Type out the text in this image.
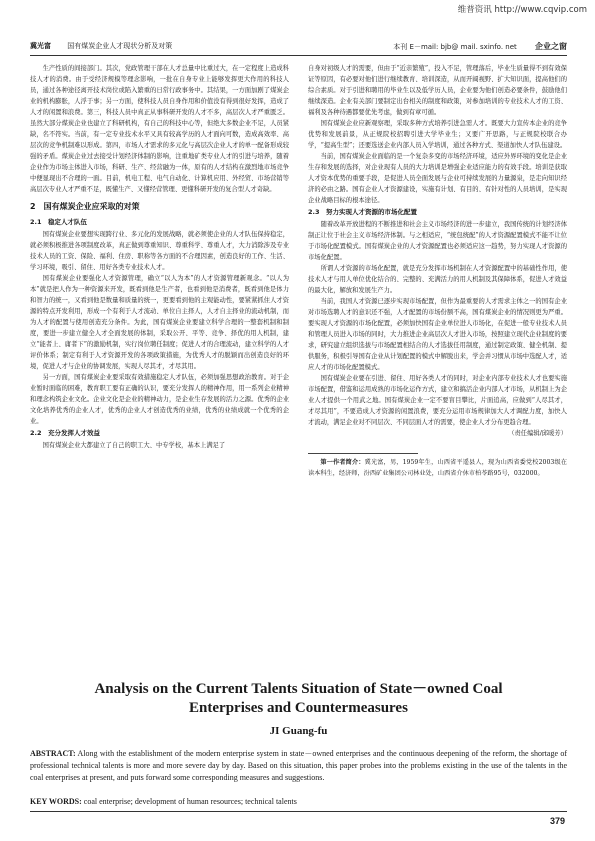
维普资讯 http://www.cqvip.com
冀光富 国有煤炭企业人才现状分析及对策	本刊 E－mail: bjb@ mail. sxinfo. net 企业之窗

生产性质的间接部门。其次，党政管理干部在人才总量中比重过大，在一定程度上造成科技人才的消费。由于受经济规模等理念影响，一批在自身专业上能够发挥更大作用的科技人员，通过各种途径离开技术岗位或陷入繁重的日常行政事务中。其结果，一方面加剧了煤炭企业的机构膨胀，人浮于事；另一方面，使科技人员自身作用和价值没有得到很好发挥，造成了人才的闲置和浪费。第三，科技人员中真正从事科研开发的人才不多，高层次人才严重匮乏。虽然大部分煤炭企业也建立了科研机构，有自己的科技中心等，但绝大多数企业不足，人员紧缺，名不符实。当前，有一定专业技术水平又具有较高学历的人才面向可数，造成高效率、高层次的竞争机制难以形成。第四，市场人才需求的多元化与高层次企业人才的单一配备形成较强的矛盾。煤炭企业过去接受计划经济体制的影响，注重地矿类专业人才的引进与培养，随着企业作为市场主体进入市场，科研、生产、经营融为一体，原有的人才结构在激烈地市场竞争中便显现出不合理的一面。目前，机电工程、电气自动化、计算机应用、外经贸、市场营销等高层次专业人才严重不足，既懂生产、又懂经营管理、更懂科研开发的复合型人才奇缺。

2　国有煤炭企业应采取的对策
2.1　稳定人才队伍

国有煤炭企业要想实现跨行业、多元化的发展战略，就必须使企业的人才队伍保持稳定，就必须积极推进各项制度改革，真正做到尊重知识、尊重科学、尊重人才，大力消除涉及专业技术人员的工资、保险、福利、住房、职称等各方面的不合理因素，创造良好的工作、生活、学习环境，吸引、留住、用好各类专业技术人才。

国有煤炭企业要强化人才资源管理，确立“以人为本”的人才资源管理新观念。“以人为本”就是把人作为一种资源来开发，既看到他是生产者，也看到他是消费者，既看到他是体力和智力的统一，又看到他是数量和质量的统一，更要看到他的主观能动性，要紧紧抓住人才资源的特点开发利用，形成一个有利于人才流动、单位自主择人，人才自主择业的流动机制，而为人才的配置与使用创造充分条件。为此，国有煤炭企业要建立科学合理的一整套机制和制度，要进一步建立健全人才全面发展的体制，采取公开、平等、竞争、择优的用人机制，建立“能者上、庸者下”的激励机制，实行岗位聘任制度；促进人才的合理流动，建立科学的人才评价体系；制定有利于人才资源开发的各项政策措施，为优秀人才的脱颖而出创造良好的环境，促进人才与企业的协调发展，实现人尽其才，才尽其用。

另一方面，国有煤炭企业要采取有效措施稳定人才队伍，必须加强思想政治教育。对于企业暂时面临的困难，教育职工要有正确的认识，要充分发挥人的精神作用，用一系列企业精神和理念构筑企业文化。企业文化是企业的精神动力，是企业生存发展的活力之源。优秀的企业文化培养优秀的企业人才，优秀的企业人才创造优秀的业绩，优秀的业绩成就一个优秀的企业。

2.2　充分发挥人才效益

国有煤炭企业大都建立了自己的职工大、中专学校，基本上满足了

自身对初级人才的需要，但由于“近亲繁殖”，投入不足，管理落后，毕业生质量得不到有效保证等原因，有必要对他们进行继续教育、培训深造，从而开阔视野、扩大知识面，提高他们的综合素质。对于引进和聘用的毕业生以及低学历人员，企业要为他们创造必要条件，鼓励他们继续深造。企业有关部门要制定出台相关的制度和政策，对参加培训的专业技术人才的工资、福利及各种待遇都要优先考虑，做到有章可循。

国有煤炭企业应新观察理，采取多种方式培养引进急需人才。既要大力宣传本企业的竞争优势和发展前景，从正规院校招聘引进大学毕业生；又要广开思路，与正规院校联合办学，“提高生型”；还要选送企业内部人员入学培训，通过各种方式、渠道加快人才队伍建设。

当前，国有煤炭企业面临的是一个复杂多变的市场经济环境，适应外界环境的变化是企业生存和发展的选择，对企业现有人员的大力培训是增强企业适应能力的有效手段。培训是获取人才资本优势的重要手段，是促进人员全面发展与企业可持续发展的力量源泉，是走向知识经济的必由之路。国有企业人才资源建设，实施有计划、有目的、有针对性的人员培训，是实现企业战略目标的根本途径。

2.3　努力实现人才资源的市场化配置

随着改革开放进程的不断推进和社会主义市场经济的进一步建立，我国传统的计划经济体制正让位于社会主义市场经济体制。与之相适应，“统包统配”的人才资源配置模式不能不让位于市场化配置模式。国有煤炭企业的人才资源配置也必须适应这一趋势，努力实现人才资源的市场化配置。

所谓人才资源的市场化配置，就是充分发挥市场机制在人才资源配置中的基础性作用，使技术人才与用人单位优化结合的、完整的、充满活力的用人机制及其保障体系，促进人才效益的最大化，解放和发展生产力。

当前，我国人才资源已逐步实现市场配置，但作为最重要的人才需求主体之一的国有企业对市场选聘人才的意识还不强，人才配置的市场份额不高，国有煤炭企业的情况则更为严重。要实现人才资源的市场化配置，必须加快国有企业单位进人市场化，在促进一般专业技术人员和管理人员进入市场的同时，大力推进企业高层次人才进入市场，按照建立现代企业制度的要求，研究建立组织选拔与市场配置相结合的人才选拔任用制度，通过制定政策、健全机制、提供服务，积极引导国有企业从计划配置的模式中解脱出来，学会并习惯从市场中选配人才，适应人才的市场化配置模式。

国有煤炭企业要在引进、留住、用好各类人才的同时，对企业内部专业技术人才也要实施市场配置，借鉴和运用成熟的市场化运作方式，建立和搞活企业内部人才市场，从机制上为企业人才提供一个用武之地。国有煤炭企业一定不要盲目攀比，片面追高，应做到“人尽其才，才尽其用”，不要造成人才资源的闲置浪费，要充分运用市场规律加大人才调配力度，加快人才流动，满足企业对不同层次、不同层面人才的需要，使企业人才分布更趋合理。

（责任编辑/邱暖芳）
第一作者简介：冀光富，男，1959年生，山西省平遥县人，现为山西省委党校2003级在读本科生，经济师，汾西矿业集团公司林业处，山西省介休市柏苓路95号，032000。
Analysis on the Current Talents Situation of State－owned Coal
Enterprises and Countermeasures
JI Guang-fu
ABSTRACT: Along with the establishment of the modern enterprise system in state－owned enterprises and the continuous deepening of the reform, the shortage of professional technical talents is more and more severe day by day. Based on this situation, this paper probes into the problems existing in the use of the talents in the coal enterprises at present, and puts forward some corresponding measures and suggestions.
KEY WORDS: coal enterprise; development of human resources; technical talents
379
